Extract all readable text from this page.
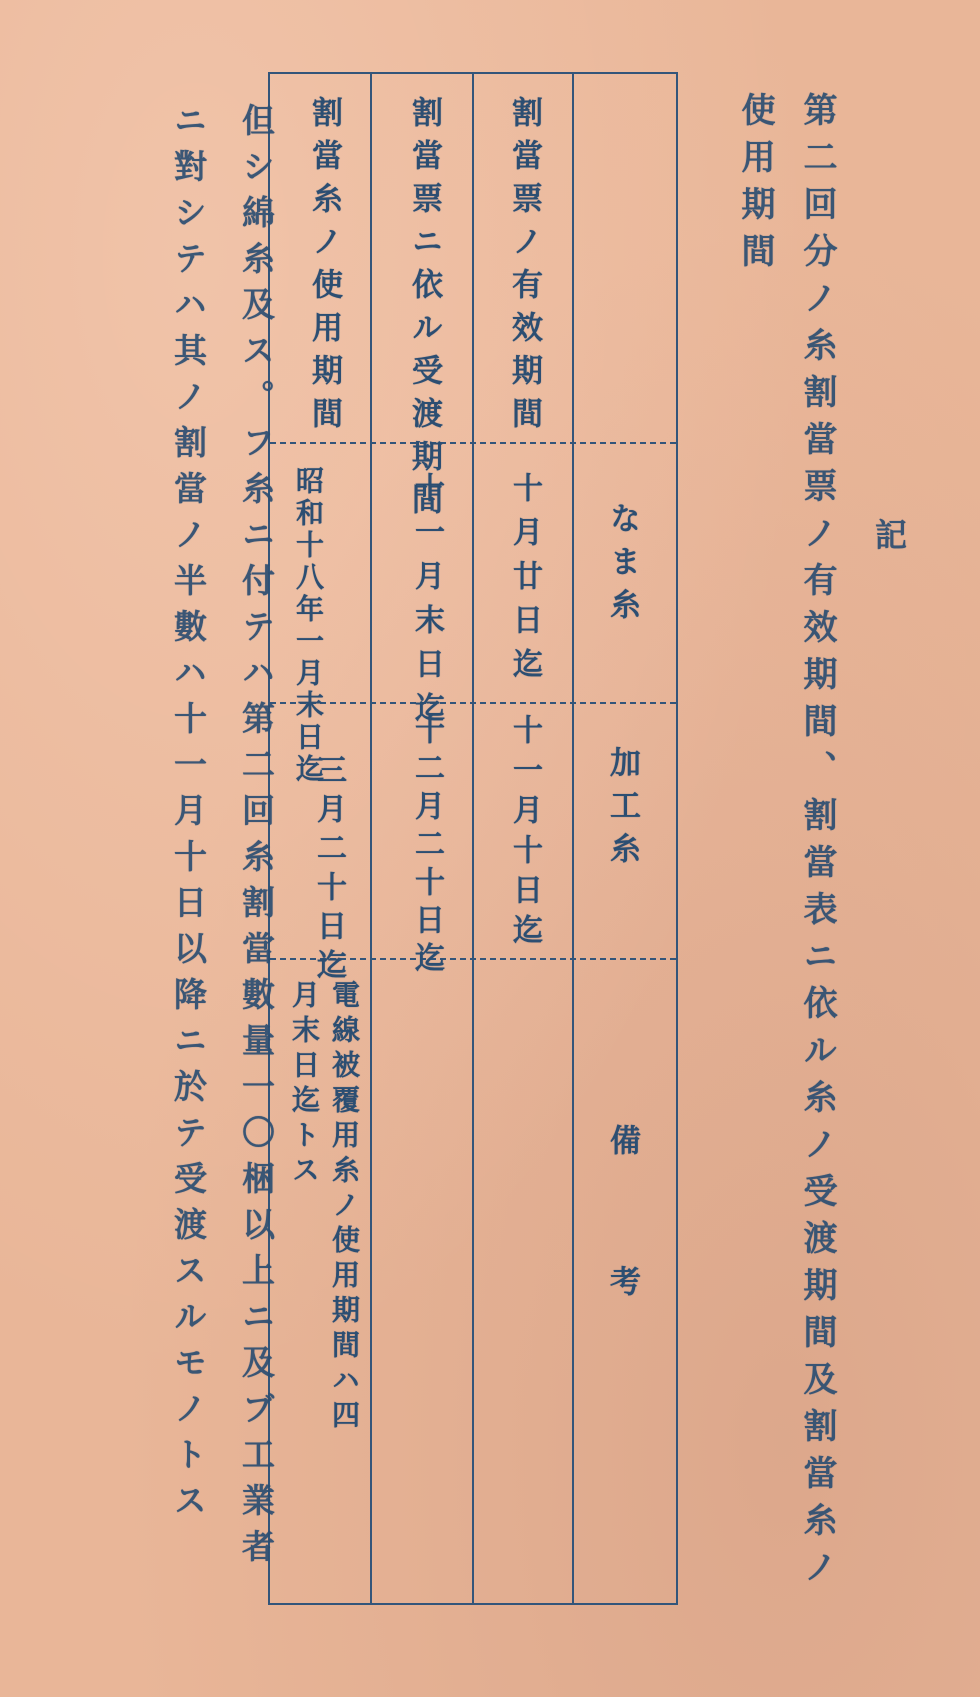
第二回分ノ糸割當票ノ有效期間、割當表ニ依ル糸ノ受渡期間及割當糸ノ
使用期間
記
割當票ノ有效期間
割當票ニ依ル受渡期間
割當糸ノ使用期間
なま糸
十月廿日迄
十一月末日迄
昭和十八年一月末日迄
加工糸
十一月十日迄
十二月二十日迄
三月二十日迄
備考
電線被覆用糸ノ使用期間ハ四月末日迄トス
但シ綿糸及ス。フ糸ニ付テハ第二回糸割當數量一〇梱以上ニ及ブ工業者
ニ對シテハ其ノ割當ノ半數ハ十一月十日以降ニ於テ受渡スルモノトス
